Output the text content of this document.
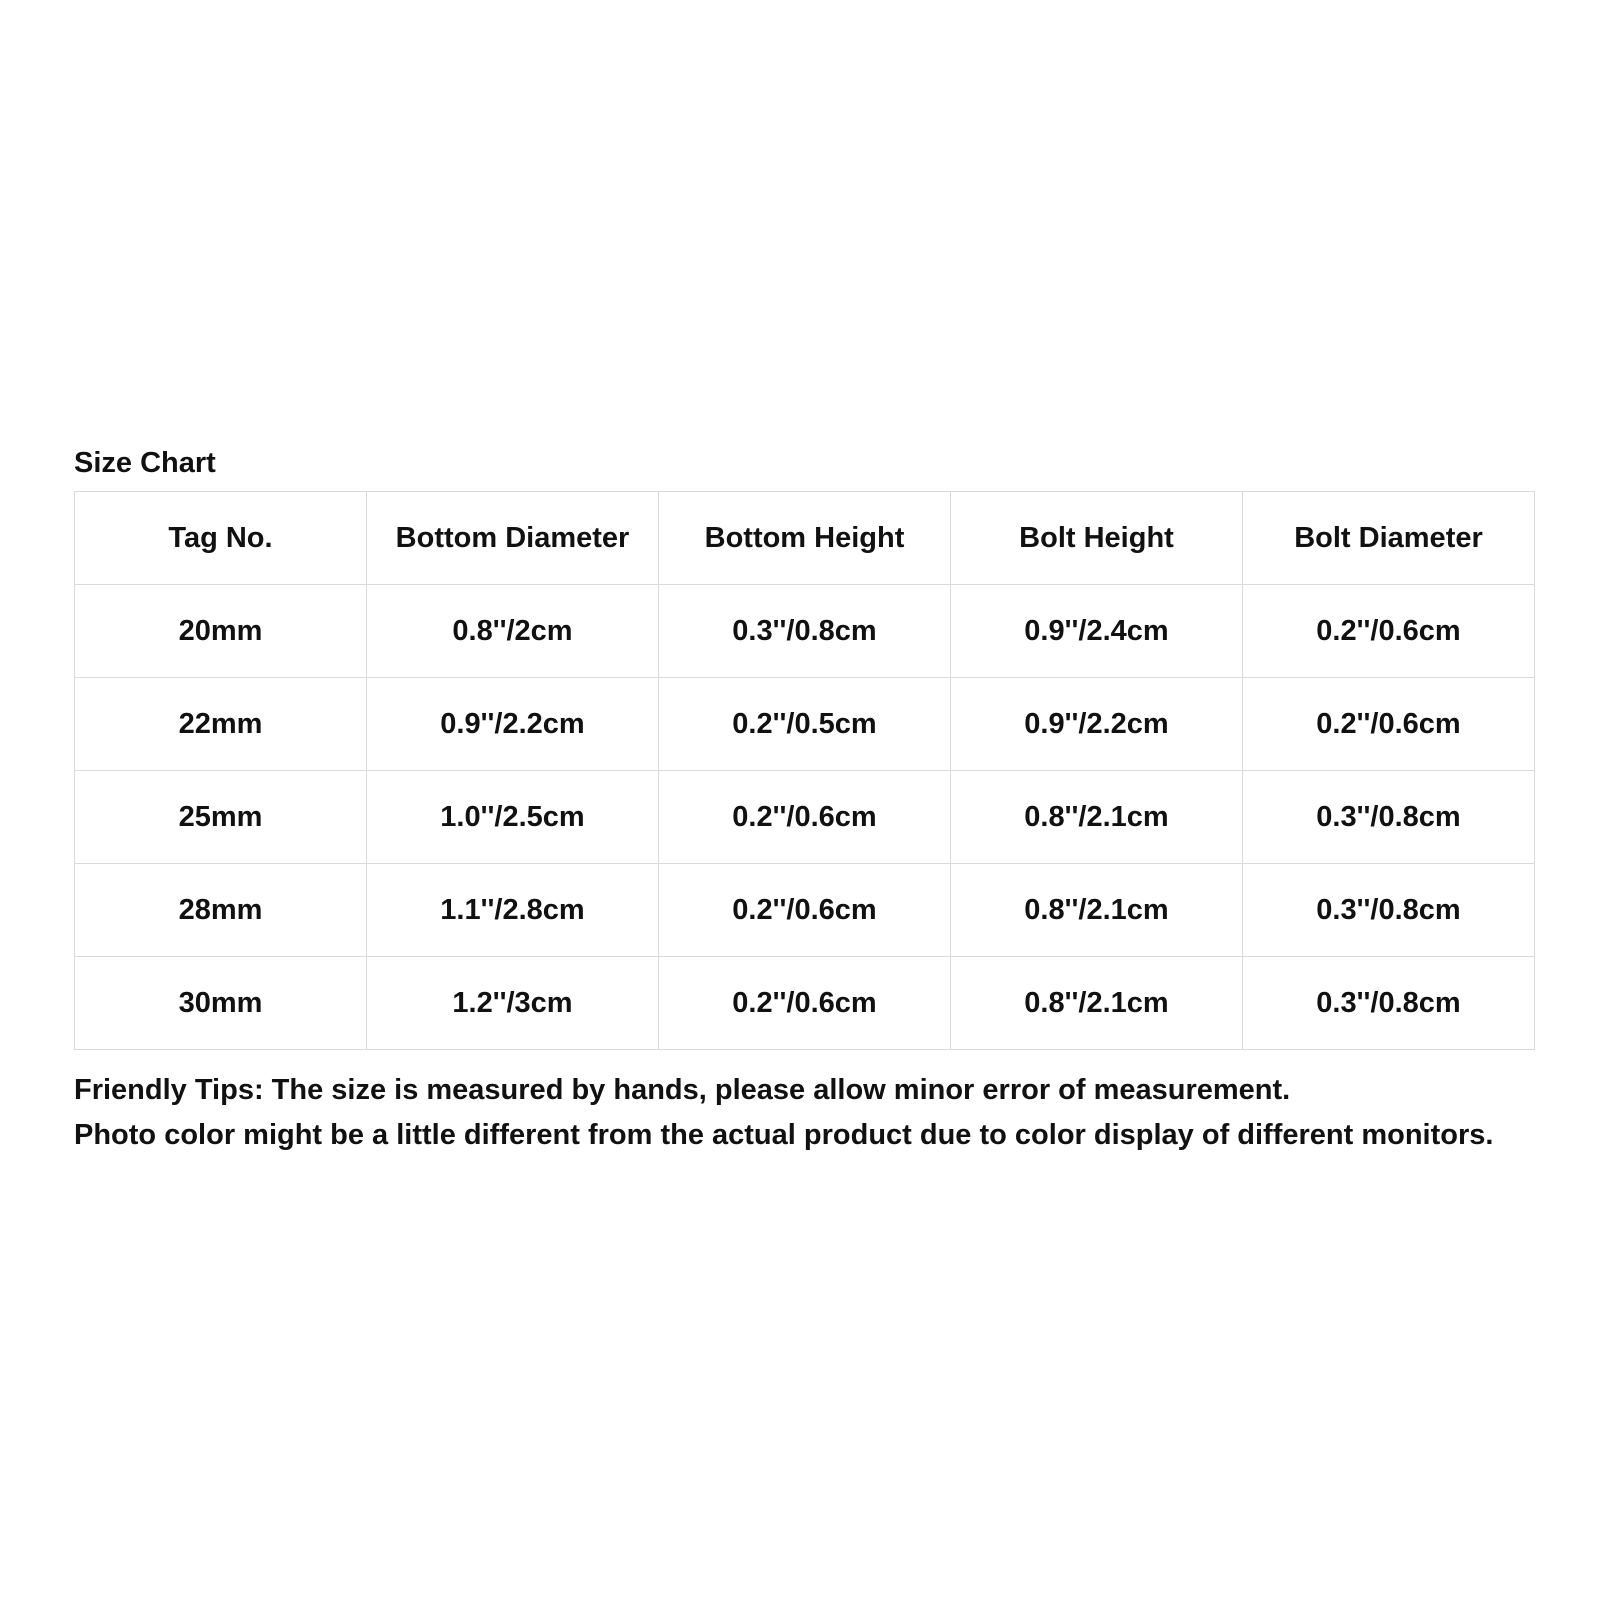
Size Chart
Tag No.	Bottom Diameter	Bottom Height	Bolt Height	Bolt Diameter
20mm	0.8''/2cm	0.3''/0.8cm	0.9''/2.4cm	0.2''/0.6cm
22mm	0.9''/2.2cm	0.2''/0.5cm	0.9''/2.2cm	0.2''/0.6cm
25mm	1.0''/2.5cm	0.2''/0.6cm	0.8''/2.1cm	0.3''/0.8cm
28mm	1.1''/2.8cm	0.2''/0.6cm	0.8''/2.1cm	0.3''/0.8cm
30mm	1.2''/3cm	0.2''/0.6cm	0.8''/2.1cm	0.3''/0.8cm
Friendly Tips: The size is measured by hands, please allow minor error of measurement.
Photo color might be a little different from the actual product due to color display of different monitors.
